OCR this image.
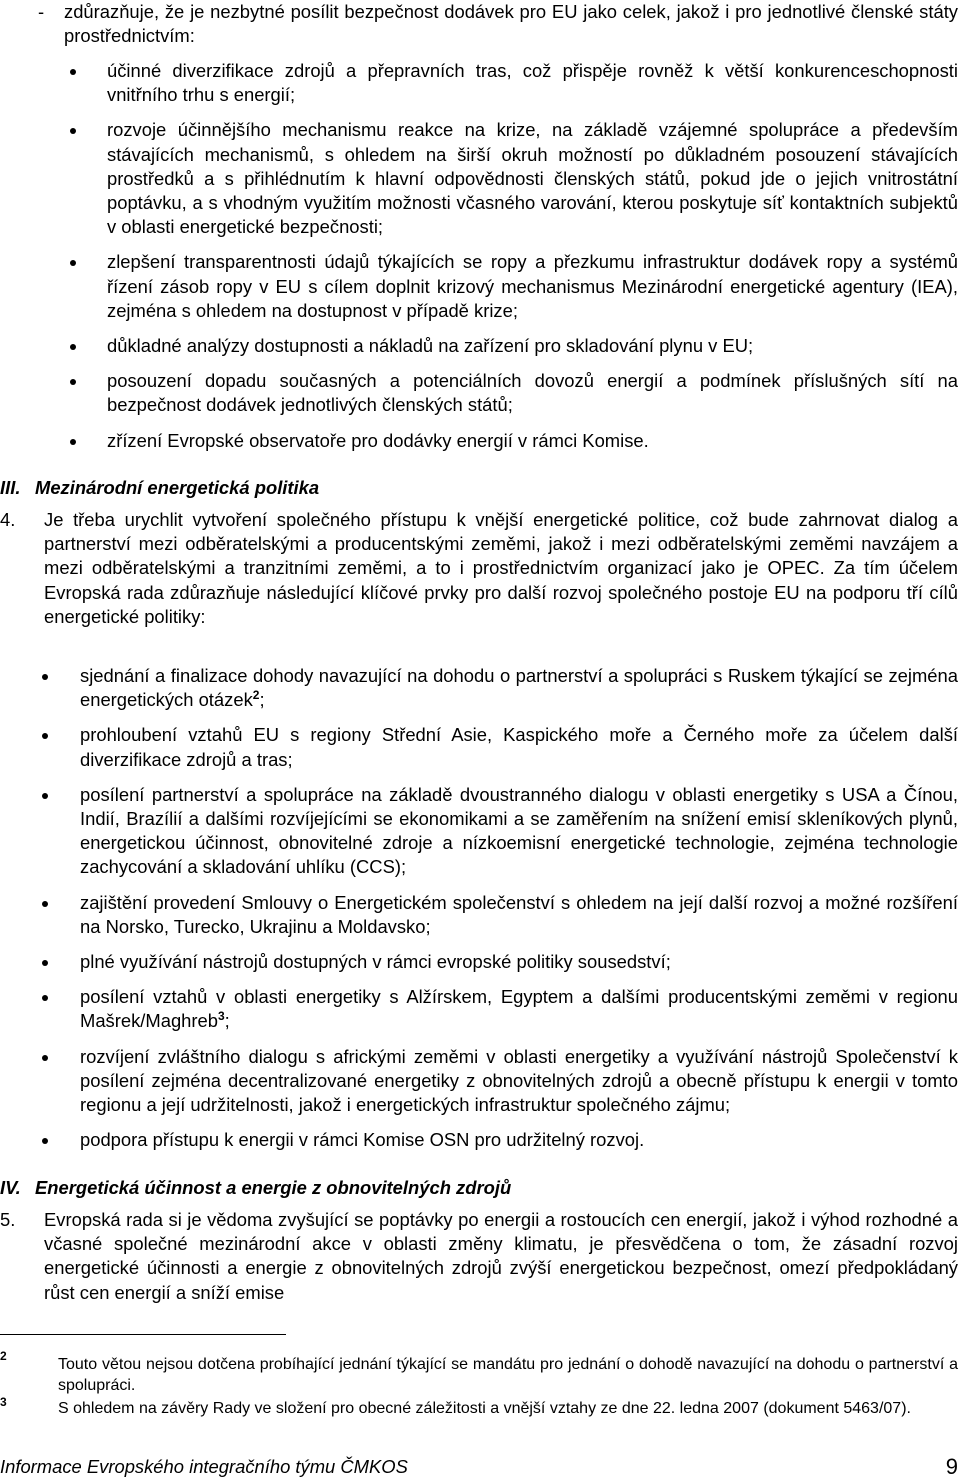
- zdůrazňuje, že je nezbytné posílit bezpečnost dodávek pro EU jako celek, jakož i pro jednotlivé členské státy prostřednictvím:
účinné diverzifikace zdrojů a přepravních tras, což přispěje rovněž k větší konkurenceschopnosti vnitřního trhu s energií;
rozvoje účinnějšího mechanismu reakce na krize, na základě vzájemné spolupráce a především stávajících mechanismů, s ohledem na širší okruh možností po důkladném posouzení stávajících prostředků a s přihlédnutím k hlavní odpovědnosti členských států, pokud jde o jejich vnitrostátní poptávku, a s vhodným využitím možnosti včasného varování, kterou poskytuje síť kontaktních subjektů v oblasti energetické bezpečnosti;
zlepšení transparentnosti údajů týkajících se ropy a přezkumu infrastruktur dodávek ropy a systémů řízení zásob ropy v EU s cílem doplnit krizový mechanismus Mezinárodní energetické agentury (IEA), zejména s ohledem na dostupnost v případě krize;
důkladné analýzy dostupnosti a nákladů na zařízení pro skladování plynu v EU;
posouzení dopadu současných a potenciálních dovozů energií a podmínek příslušných sítí na bezpečnost dodávek jednotlivých členských států;
zřízení Evropské observatoře pro dodávky energií v rámci Komise.
III. Mezinárodní energetická politika
4. Je třeba urychlit vytvoření společného přístupu k vnější energetické politice, což bude zahrnovat dialog a partnerství mezi odběratelskými a producentskými zeměmi, jakož i mezi odběratelskými zeměmi navzájem a mezi odběratelskými a tranzitními zeměmi, a to i prostřednictvím organizací jako je OPEC. Za tím účelem Evropská rada zdůrazňuje následující klíčové prvky pro další rozvoj společného postoje EU na podporu tří cílů energetické politiky:
sjednání a finalizace dohody navazující na dohodu o partnerství a spolupráci s Ruskem týkající se zejména energetických otázek$^2$;
prohloubení vztahů EU s regiony Střední Asie, Kaspického moře a Černého moře za účelem další diverzifikace zdrojů a tras;
posílení partnerství a spolupráce na základě dvoustranného dialogu v oblasti energetiky s USA a Čínou, Indií, Brazílií a dalšími rozvíjejícími se ekonomikami a se zaměřením na snížení emisí skleníkových plynů, energetickou účinnost, obnovitelné zdroje a nízkoemisní energetické technologie, zejména technologie zachycování a skladování uhlíku (CCS);
zajištění provedení Smlouvy o Energetickém společenství s ohledem na její další rozvoj a možné rozšíření na Norsko, Turecko, Ukrajinu a Moldavsko;
plné využívání nástrojů dostupných v rámci evropské politiky sousedství;
posílení vztahů v oblasti energetiky s Alžírskem, Egyptem a dalšími producentskými zeměmi v regionu Mašrek/Maghreb$^3$;
rozvíjení zvláštního dialogu s africkými zeměmi v oblasti energetiky a využívání nástrojů Společenství k posílení zejména decentralizované energetiky z obnovitelných zdrojů a obecně přístupu k energii v tomto regionu a její udržitelnosti, jakož i energetických infrastruktur společného zájmu;
podpora přístupu k energii v rámci Komise OSN pro udržitelný rozvoj.
IV. Energetická účinnost a energie z obnovitelných zdrojů
5. Evropská rada si je vědoma zvyšující se poptávky po energii a rostoucích cen energií, jakož i výhod rozhodné a včasné společné mezinárodní akce v oblasti změny klimatu, je přesvědčena o tom, že zásadní rozvoj energetické účinnosti a energie z obnovitelných zdrojů zvýší energetickou bezpečnost, omezí předpokládaný růst cen energií a sníží emise
2	Touto větou nejsou dotčena probíhající jednání týkající se mandátu pro jednání o dohodě navazující na dohodu o partnerství a spolupráci.
3	S ohledem na závěry Rady ve složení pro obecné záležitosti a vnější vztahy ze dne 22. ledna 2007 (dokument 5463/07).
Informace Evropského integračního týmu ČMKOS	9
